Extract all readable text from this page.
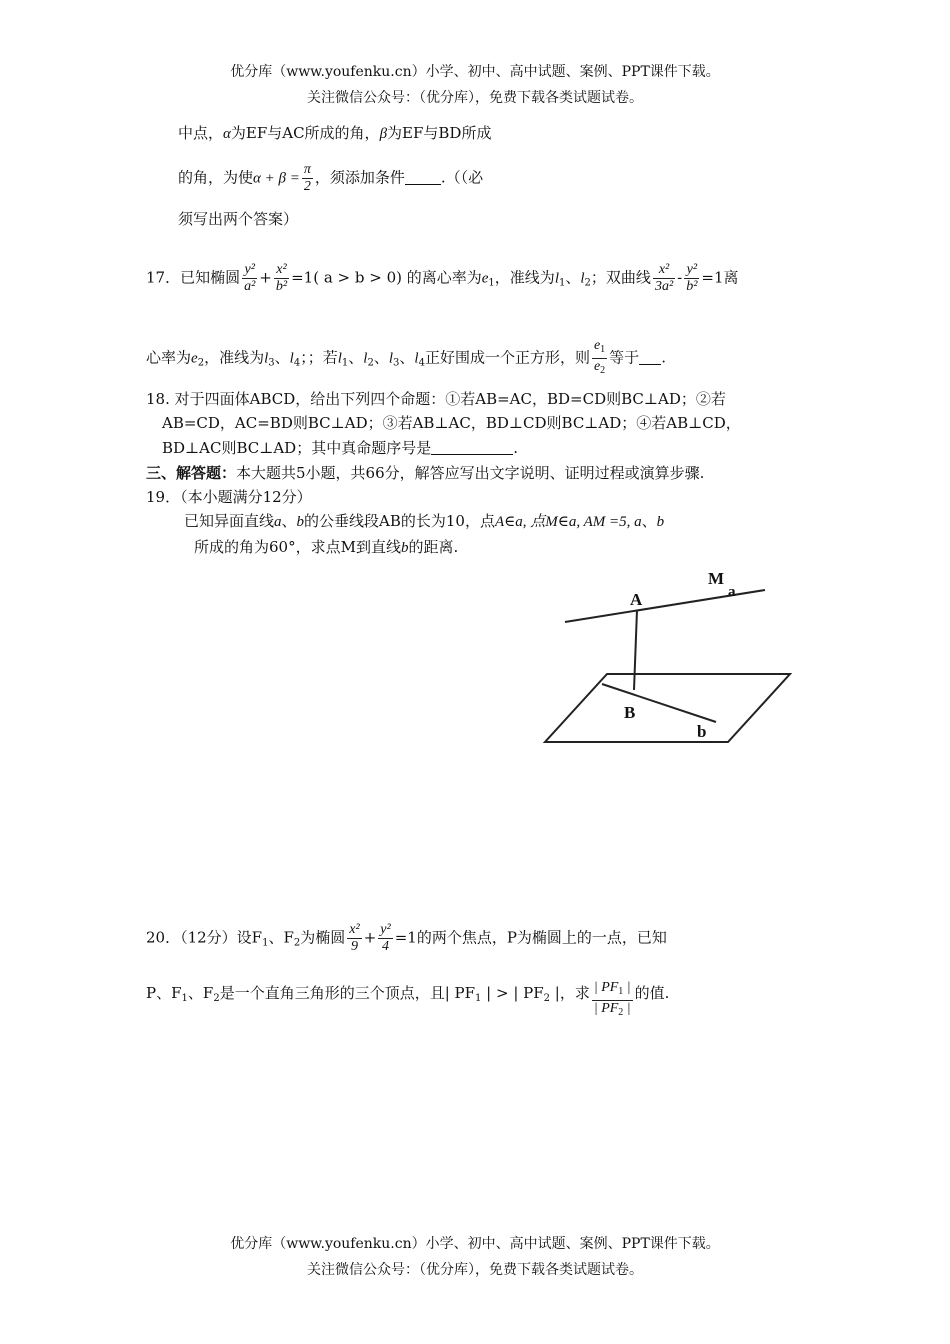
优分库（www.youfenku.cn）小学、初中、高中试题、案例、PPT课件下载。
关注微信公众号：（优分库），免费下载各类试题试卷。
中点，α为EF与AC所成的角，β为EF与BD所成
的角，为使$\alpha + \beta = \frac{\pi}{2}$ ，须添加条件 .（（必
须写出两个答案）
17．已知椭圆 $\frac{\text{y²}}{\text{a²}} + \frac{\text{x²}}{\text{b²}} =1$( a > b > 0) 的离心率为$e_1$，准线为$l_1$、$l_2$；双曲线 $\frac{\text{x²}}{\text{3a²}} - \frac{\text{y²}}{\text{b²}} =1$离
心率为$e_2$，准线为$l_3$、$l_4$；；若$l_1$、$l_2$、$l_3$、$l_4$正好围成一个正方形，则 $\frac{e_1}{e_2}$ 等于 .
18. 对于四面体ABCD，给出下列四个命题：①若AB=AC，BD=CD则BC⊥AD；②若
AB=CD，AC=BD则BC⊥AD；③若AB⊥AC，BD⊥CD则BC⊥AD；④若AB⊥CD，
BD⊥AC则BC⊥AD；其中真命题序号是	.
三、解答题：本大题共5小题，共66分，解答应写出文字说明、证明过程或演算步骤.
19．（本小题满分12分）
已知异面直线a、b的公垂线段AB的长为10，点A∈a, 点M∈a, AM =5, a、b
所成的角为60°，求点M到直线b的距离.
M
a
A
B
b
20．（12分）设$F_1$、$F_2$为椭圆 $\frac{\text{x²}}{9} + \frac{\text{y²}}{4} =1$的两个焦点，P为椭圆上的一点，已知
P、$F_1$、$F_2$是一个直角三角形的三个顶点，且| $PF_1$ | > | $PF_2$ |，求 $\frac{| PF_1 |}{| PF_2 |}$ 的值.
优分库（www.youfenku.cn）小学、初中、高中试题、案例、PPT课件下载。
关注微信公众号：（优分库），免费下载各类试题试卷。
